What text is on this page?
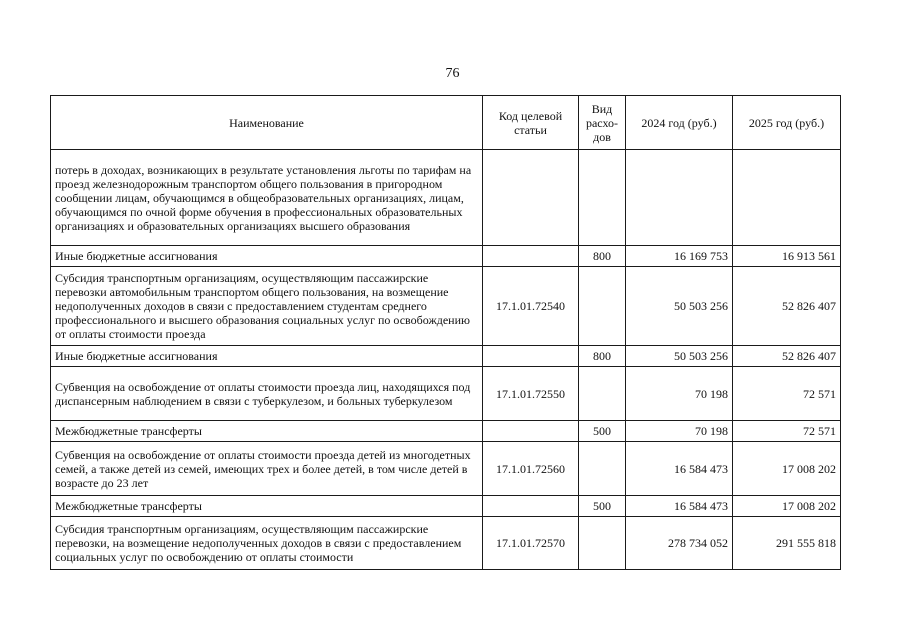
76
Наименование	Код целевой статьи	Вид расхо-дов	2024 год (руб.)	2025 год (руб.)
потерь в доходах, возникающих в результате установления льготы по тарифам на проезд железнодорожным транспортом общего пользования в пригородном сообщении лицам, обучающимся в общеобразовательных организациях, лицам, обучающимся по очной форме обучения в профессиональных образовательных организациях и образовательных организациях высшего образования				
Иные бюджетные ассигнования		800	16 169 753	16 913 561
Субсидия транспортным организациям, осуществляющим пассажирские перевозки автомобильным транспортом общего пользования, на возмещение недополученных доходов в связи с предоставлением студентам среднего профессионального и высшего образования социальных услуг по освобождению от оплаты стоимости проезда	17.1.01.72540		50 503 256	52 826 407
Иные бюджетные ассигнования		800	50 503 256	52 826 407
Субвенция на освобождение от оплаты стоимости проезда лиц, находящихся под диспансерным наблюдением в связи с туберкулезом, и больных туберкулезом	17.1.01.72550		70 198	72 571
Межбюджетные трансферты		500	70 198	72 571
Субвенция на освобождение от оплаты стоимости проезда детей из многодетных семей, а также детей из семей, имеющих трех и более детей, в том числе детей в возрасте до 23 лет	17.1.01.72560		16 584 473	17 008 202
Межбюджетные трансферты		500	16 584 473	17 008 202
Субсидия транспортным организациям, осуществляющим пассажирские перевозки, на возмещение недополученных доходов в связи с предоставлением социальных услуг по освобождению от оплаты стоимости	17.1.01.72570		278 734 052	291 555 818
